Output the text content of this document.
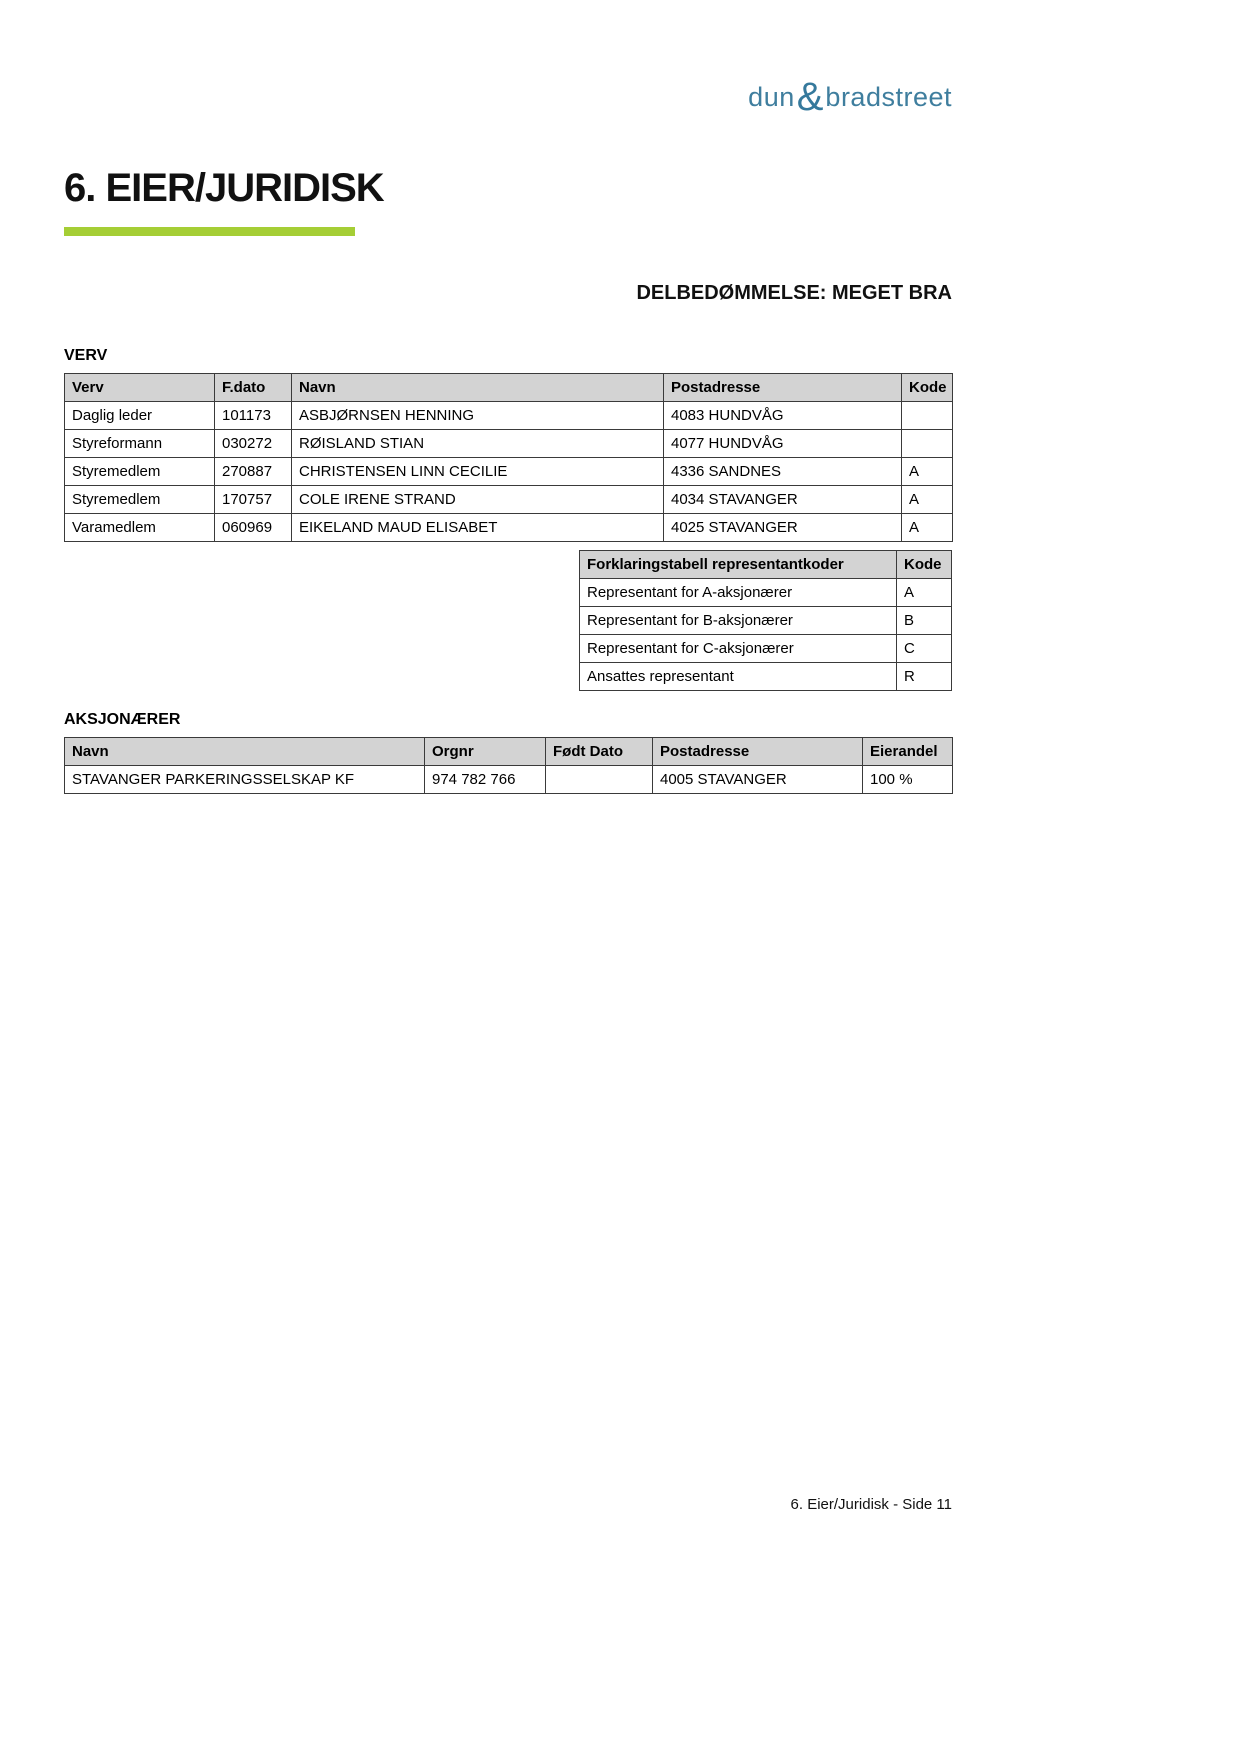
dun&bradstreet
6. EIER/JURIDISK
DELBEDØMMELSE: MEGET BRA
VERV
Verv	F.dato	Navn	Postadresse	Kode
Daglig leder	101173	ASBJØRNSEN HENNING	4083 HUNDVÅG	
Styreformann	030272	RØISLAND STIAN	4077 HUNDVÅG	
Styremedlem	270887	CHRISTENSEN LINN CECILIE	4336 SANDNES	A
Styremedlem	170757	COLE IRENE STRAND	4034 STAVANGER	A
Varamedlem	060969	EIKELAND MAUD ELISABET	4025 STAVANGER	A
Forklaringstabell representantkoder	Kode
Representant for A-aksjonærer	A
Representant for B-aksjonærer	B
Representant for C-aksjonærer	C
Ansattes representant	R
AKSJONÆRER
Navn	Orgnr	Født Dato	Postadresse	Eierandel
STAVANGER PARKERINGSSELSKAP KF	974 782 766		4005 STAVANGER	100 %
6. Eier/Juridisk - Side 11
